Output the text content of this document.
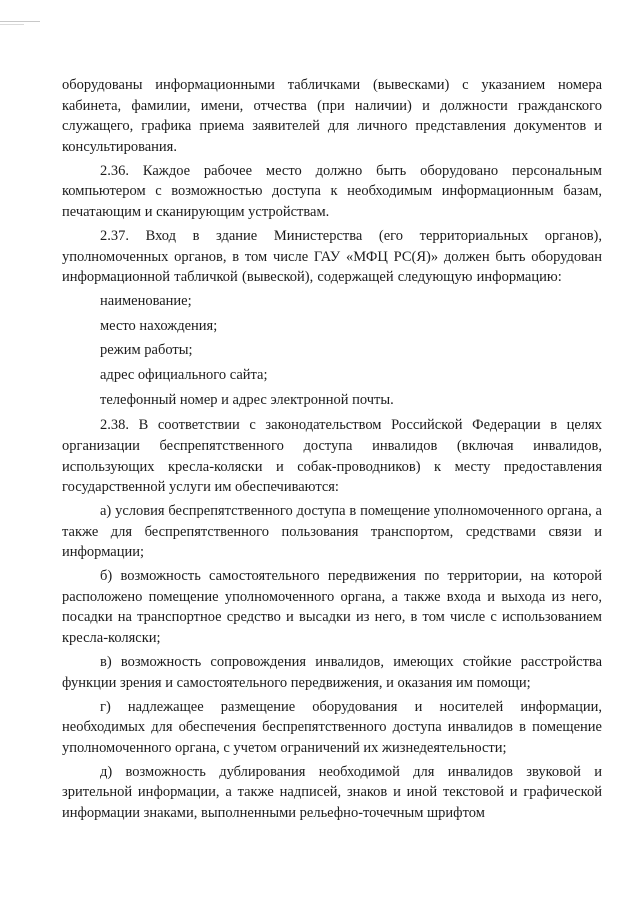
оборудованы информационными табличками (вывесками) с указанием номера кабинета, фамилии, имени, отчества (при наличии) и должности гражданского служащего, графика приема заявителей для личного представления документов и консультирования.

2.36. Каждое рабочее место должно быть оборудовано персональным компьютером с возможностью доступа к необходимым информационным базам, печатающим и сканирующим устройствам.

2.37. Вход в здание Министерства (его территориальных органов), уполномоченных органов, в том числе ГАУ «МФЦ РС(Я)» должен быть оборудован информационной табличкой (вывеской), содержащей следующую информацию:

наименование;

место нахождения;

режим работы;

адрес официального сайта;

телефонный номер и адрес электронной почты.

2.38. В соответствии с законодательством Российской Федерации в целях организации беспрепятственного доступа инвалидов (включая инвалидов, использующих кресла-коляски и собак-проводников) к месту предоставления государственной услуги им обеспечиваются:

а) условия беспрепятственного доступа в помещение уполномоченного органа, а также для беспрепятственного пользования транспортом, средствами связи и информации;

б) возможность самостоятельного передвижения по территории, на которой расположено помещение уполномоченного органа, а также входа и выхода из него, посадки на транспортное средство и высадки из него, в том числе с использованием кресла-коляски;

в) возможность сопровождения инвалидов, имеющих стойкие расстройства функции зрения и самостоятельного передвижения, и оказания им помощи;

г) надлежащее размещение оборудования и носителей информации, необходимых для обеспечения беспрепятственного доступа инвалидов в помещение уполномоченного органа, с учетом ограничений их жизнедеятельности;

д) возможность дублирования необходимой для инвалидов звуковой и зрительной информации, а также надписей, знаков и иной текстовой и графической информации знаками, выполненными рельефно-точечным шрифтом
